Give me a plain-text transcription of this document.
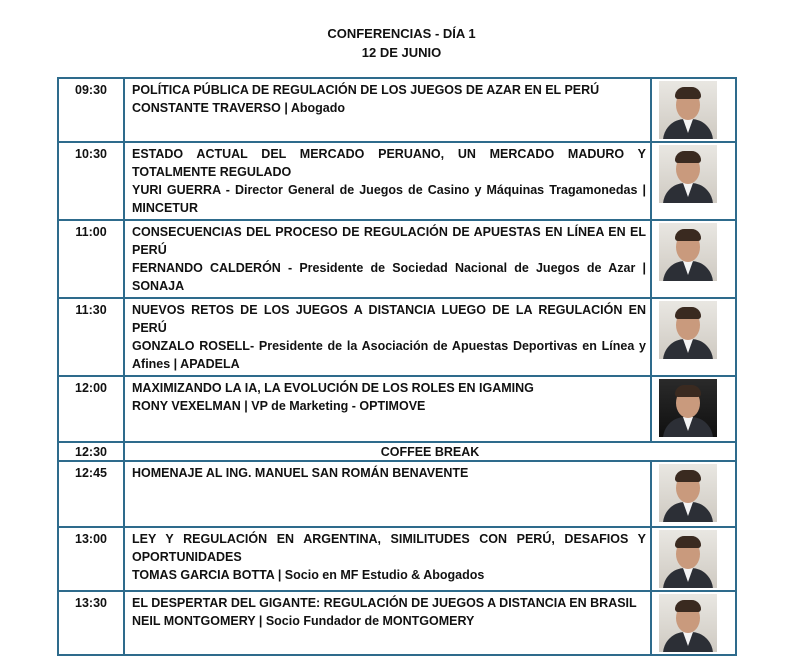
CONFERENCIAS - DÍA 1
12 DE JUNIO
09:30	POLÍTICA PÚBLICA DE REGULACIÓN DE LOS JUEGOS DE AZAR EN EL PERÚ
CONSTANTE TRAVERSO | Abogado	

10:30	ESTADO ACTUAL DEL MERCADO PERUANO, UN MERCADO MADURO Y TOTALMENTE REGULADO
YURI GUERRA - Director General de Juegos de Casino y Máquinas Tragamonedas | MINCETUR	

11:00	CONSECUENCIAS DEL PROCESO DE REGULACIÓN DE APUESTAS EN LÍNEA EN EL PERÚ
FERNANDO CALDERÓN - Presidente de Sociedad Nacional de Juegos de Azar | SONAJA	

11:30	NUEVOS RETOS DE LOS JUEGOS A DISTANCIA LUEGO DE LA REGULACIÓN EN PERÚ
GONZALO ROSELL- Presidente de la Asociación de Apuestas Deportivas en Línea y Afines | APADELA	

12:00	MAXIMIZANDO LA IA, LA EVOLUCIÓN DE LOS ROLES EN IGAMING
RONY VEXELMAN | VP de Marketing - OPTIMOVE	

12:30	COFFEE BREAK	
12:45	HOMENAJE AL ING. MANUEL SAN ROMÁN BENAVENTE	

13:00	LEY Y REGULACIÓN EN ARGENTINA, SIMILITUDES CON PERÚ, DESAFIOS Y OPORTUNIDADES
TOMAS GARCIA BOTTA | Socio en MF Estudio & Abogados	

13:30	EL DESPERTAR DEL GIGANTE: REGULACIÓN DE JUEGOS A DISTANCIA EN BRASIL
NEIL MONTGOMERY | Socio Fundador de MONTGOMERY	
